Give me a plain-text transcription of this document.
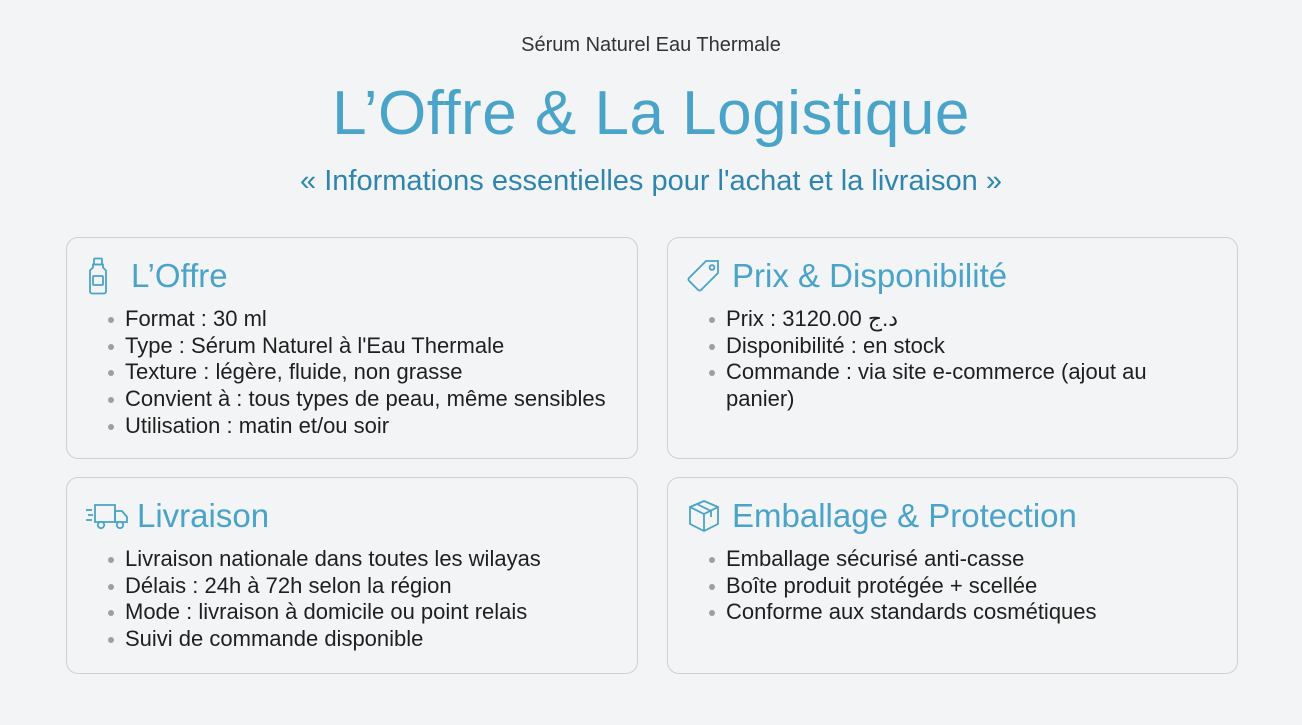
Sérum Naturel Eau Thermale
L’Offre & La Logistique
« Informations essentielles pour l'achat et la livraison »
L’Offre
Format : 30 ml
Type : Sérum Naturel à l'Eau Thermale
Texture : légère, fluide, non grasse
Convient à : tous types de peau, même sensibles
Utilisation : matin et/ou soir
Prix & Disponibilité
Prix : 3120.00 د.ج
Disponibilité : en stock
Commande : via site e-commerce (ajout au panier)
Livraison
Livraison nationale dans toutes les wilayas
Délais : 24h à 72h selon la région
Mode : livraison à domicile ou point relais
Suivi de commande disponible
Emballage & Protection
Emballage sécurisé anti-casse
Boîte produit protégée + scellée
Conforme aux standards cosmétiques
